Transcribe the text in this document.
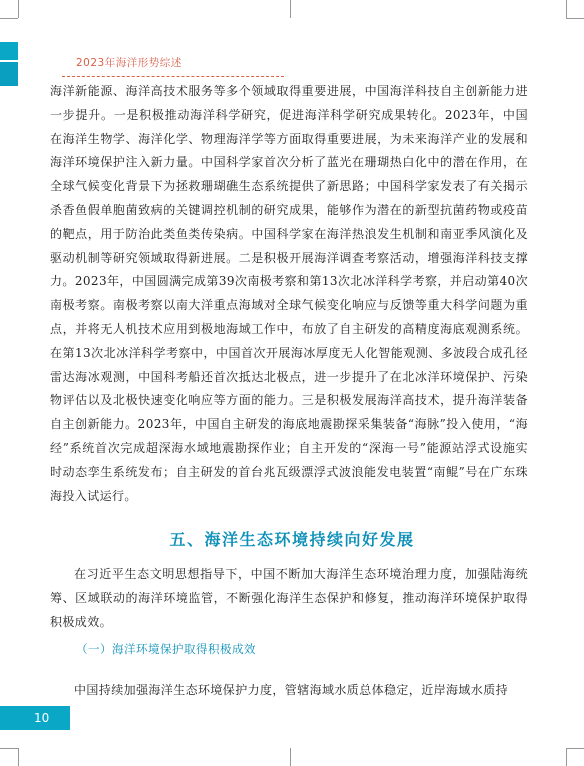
2023年海洋形势综述

海洋新能源、海洋高技术服务等多个领域取得重要进展，中国海洋科技自主创新能力进一步提升。一是积极推动海洋科学研究，促进海洋科学研究成果转化。2023年，中国在海洋生物学、海洋化学、物理海洋学等方面取得重要进展，为未来海洋产业的发展和海洋环境保护注入新力量。中国科学家首次分析了蓝光在珊瑚热白化中的潜在作用，在全球气候变化背景下为拯救珊瑚礁生态系统提供了新思路；中国科学家发表了有关揭示杀香鱼假单胞菌致病的关键调控机制的研究成果，能够作为潜在的新型抗菌药物或疫苗的靶点，用于防治此类鱼类传染病。中国科学家在海洋热浪发生机制和南亚季风演化及驱动机制等研究领域取得新进展。二是积极开展海洋调查考察活动，增强海洋科技支撑力。2023年，中国圆满完成第39次南极考察和第13次北冰洋科学考察，并启动第40次南极考察。南极考察以南大洋重点海域对全球气候变化响应与反馈等重大科学问题为重点，并将无人机技术应用到极地海域工作中，布放了自主研发的高精度海底观测系统。在第13次北冰洋科学考察中，中国首次开展海冰厚度无人化智能观测、多波段合成孔径雷达海冰观测，中国科考船还首次抵达北极点，进一步提升了在北冰洋环境保护、污染物评估以及北极快速变化响应等方面的能力。三是积极发展海洋高技术，提升海洋装备自主创新能力。2023年，中国自主研发的海底地震勘探采集装备“海脉”投入使用，“海经”系统首次完成超深海水域地震勘探作业；自主开发的“深海一号”能源站浮式设施实时动态孪生系统发布；自主研发的首台兆瓦级漂浮式波浪能发电装置“南鲲”号在广东珠海投入试运行。

五、海洋生态环境持续向好发展

在习近平生态文明思想指导下，中国不断加大海洋生态环境治理力度，加强陆海统筹、区域联动的海洋环境监管，不断强化海洋生态保护和修复，推动海洋环境保护取得积极成效。

（一）海洋环境保护取得积极成效
中国持续加强海洋生态环境保护力度，管辖海域水质总体稳定，近岸海域水质持
10
